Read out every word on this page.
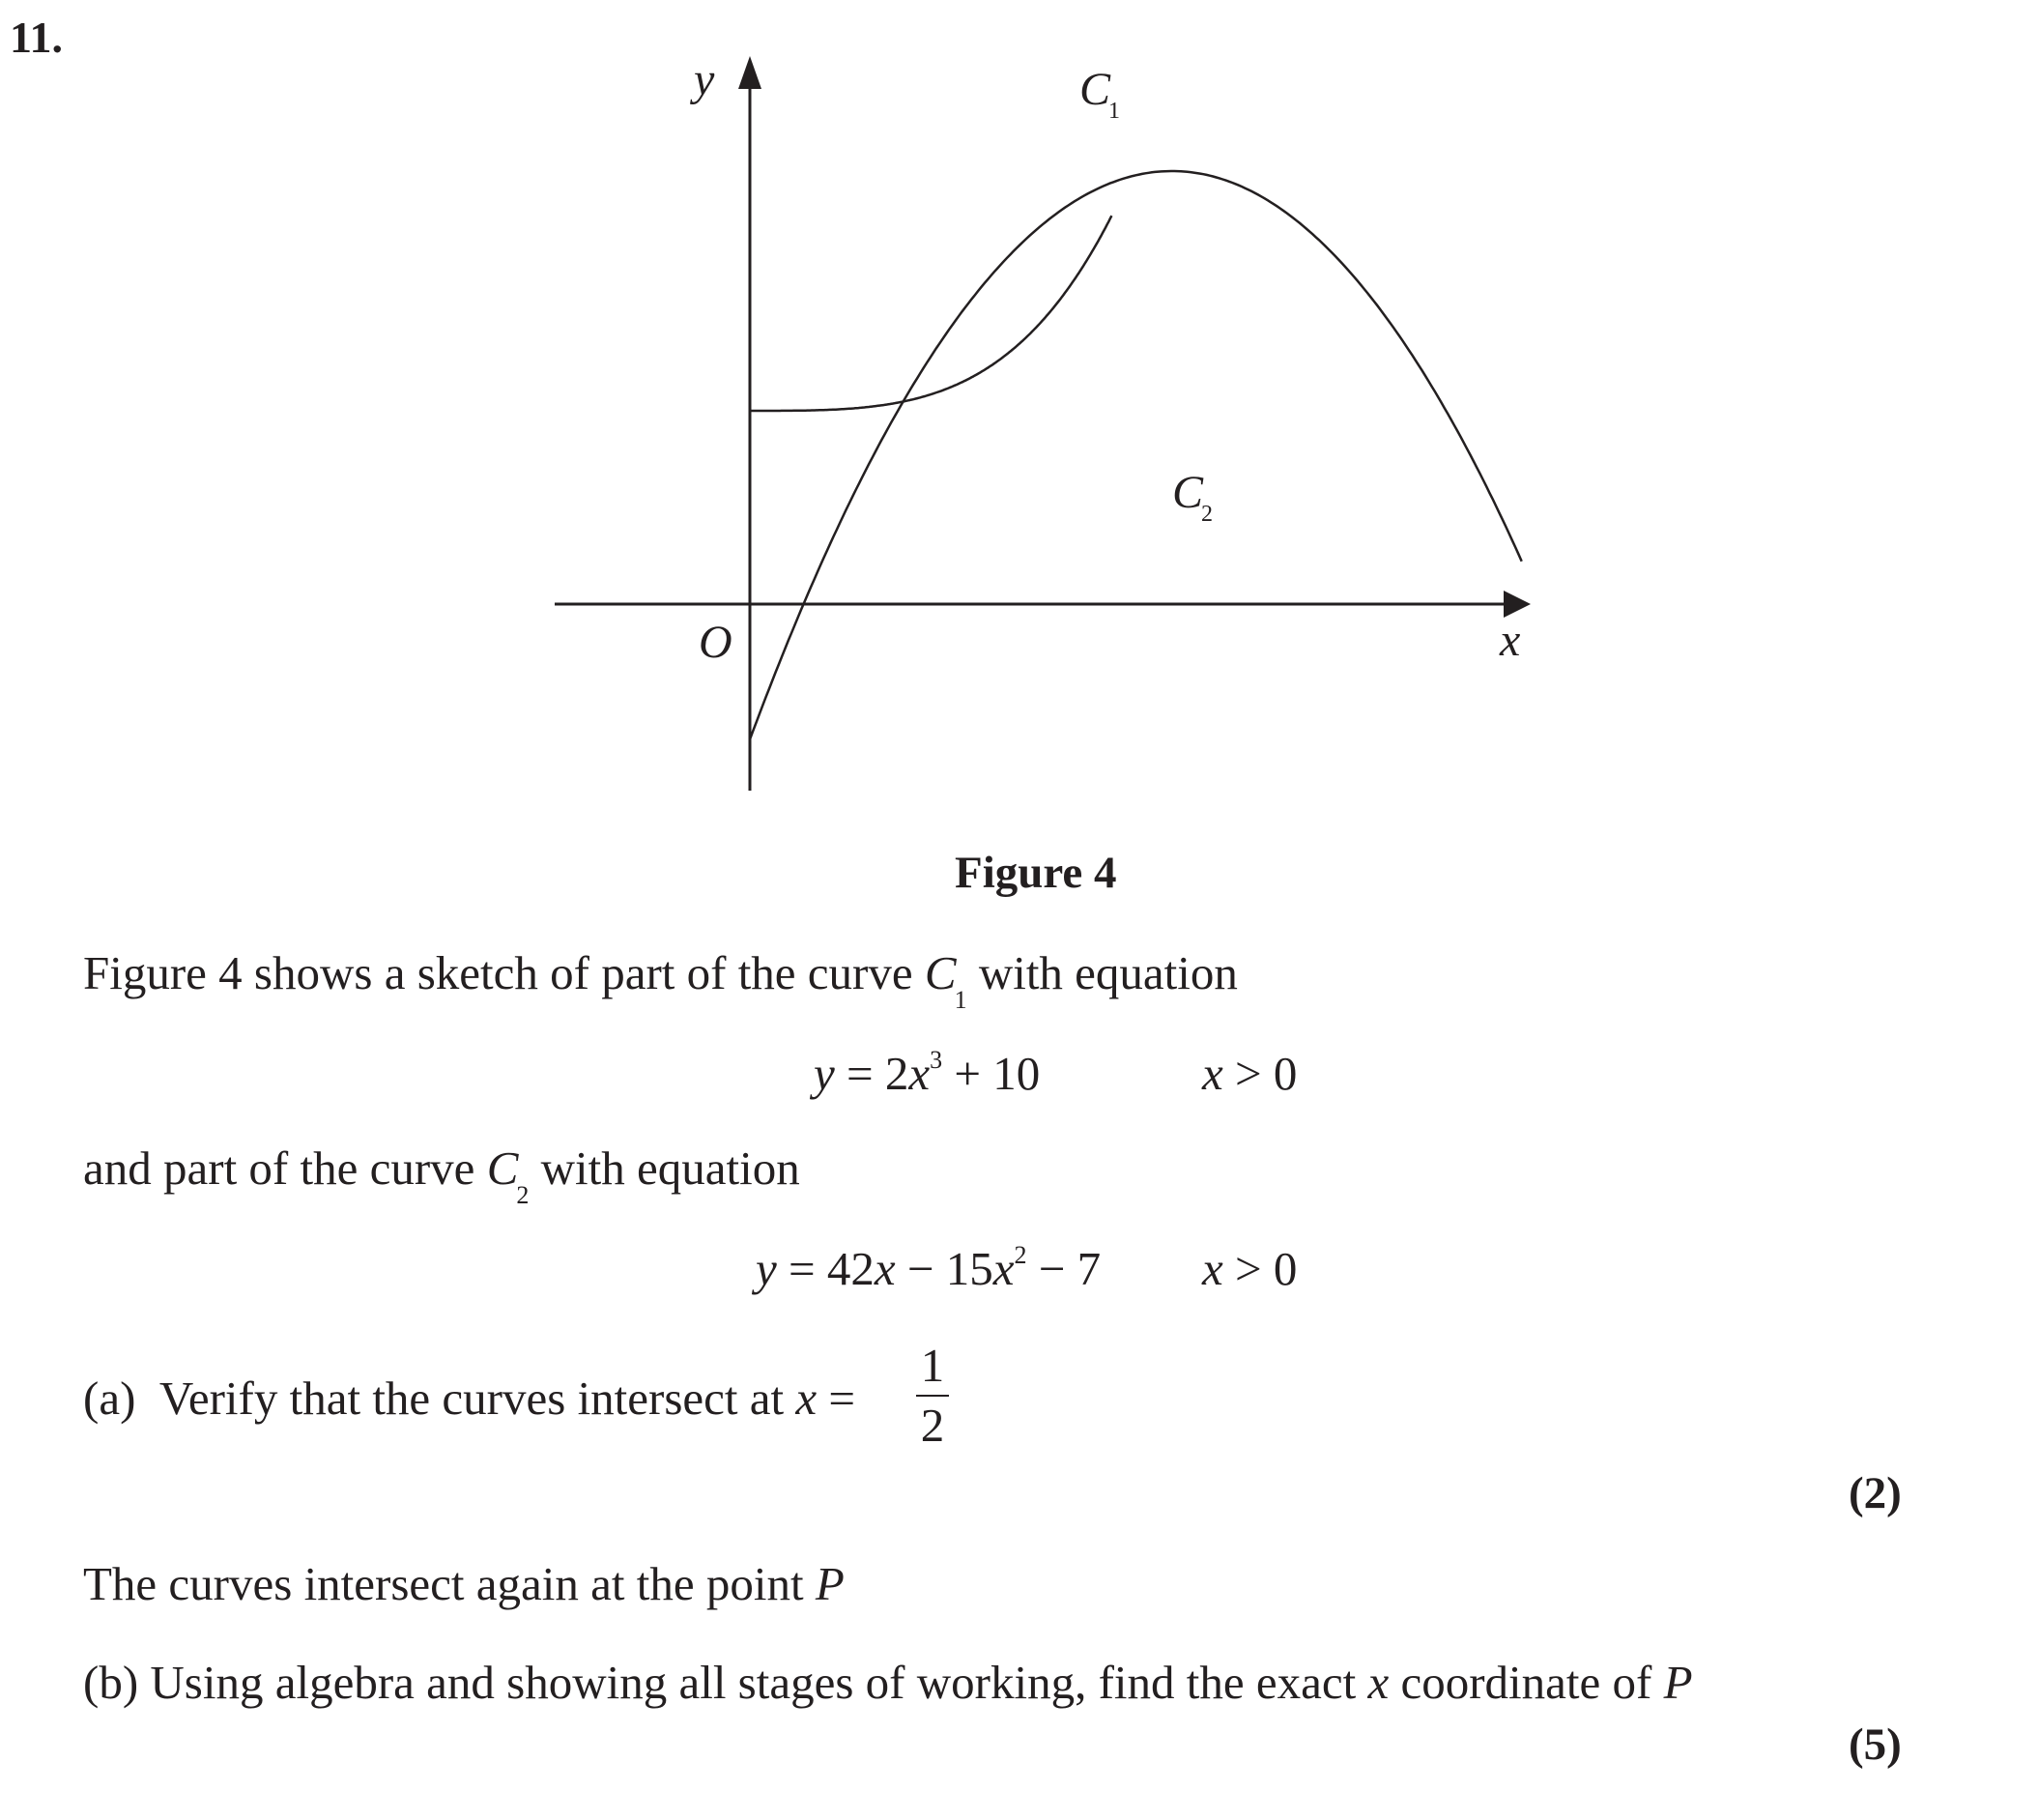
11.
y
x
O
C1
C2
Figure 4
Figure 4 shows a sketch of part of the curve $C_1$ with equation
$y = 2x^3 + 10$	x > 0
and part of the curve $C_2$ with equation
$y = 42x - 15x^2 - 7$ x > 0
(a) Verify that the curves intersect at x =
1
2
(2)
The curves intersect again at the point P
(b) Using algebra and showing all stages of working, find the exact x coordinate of P
(5)
